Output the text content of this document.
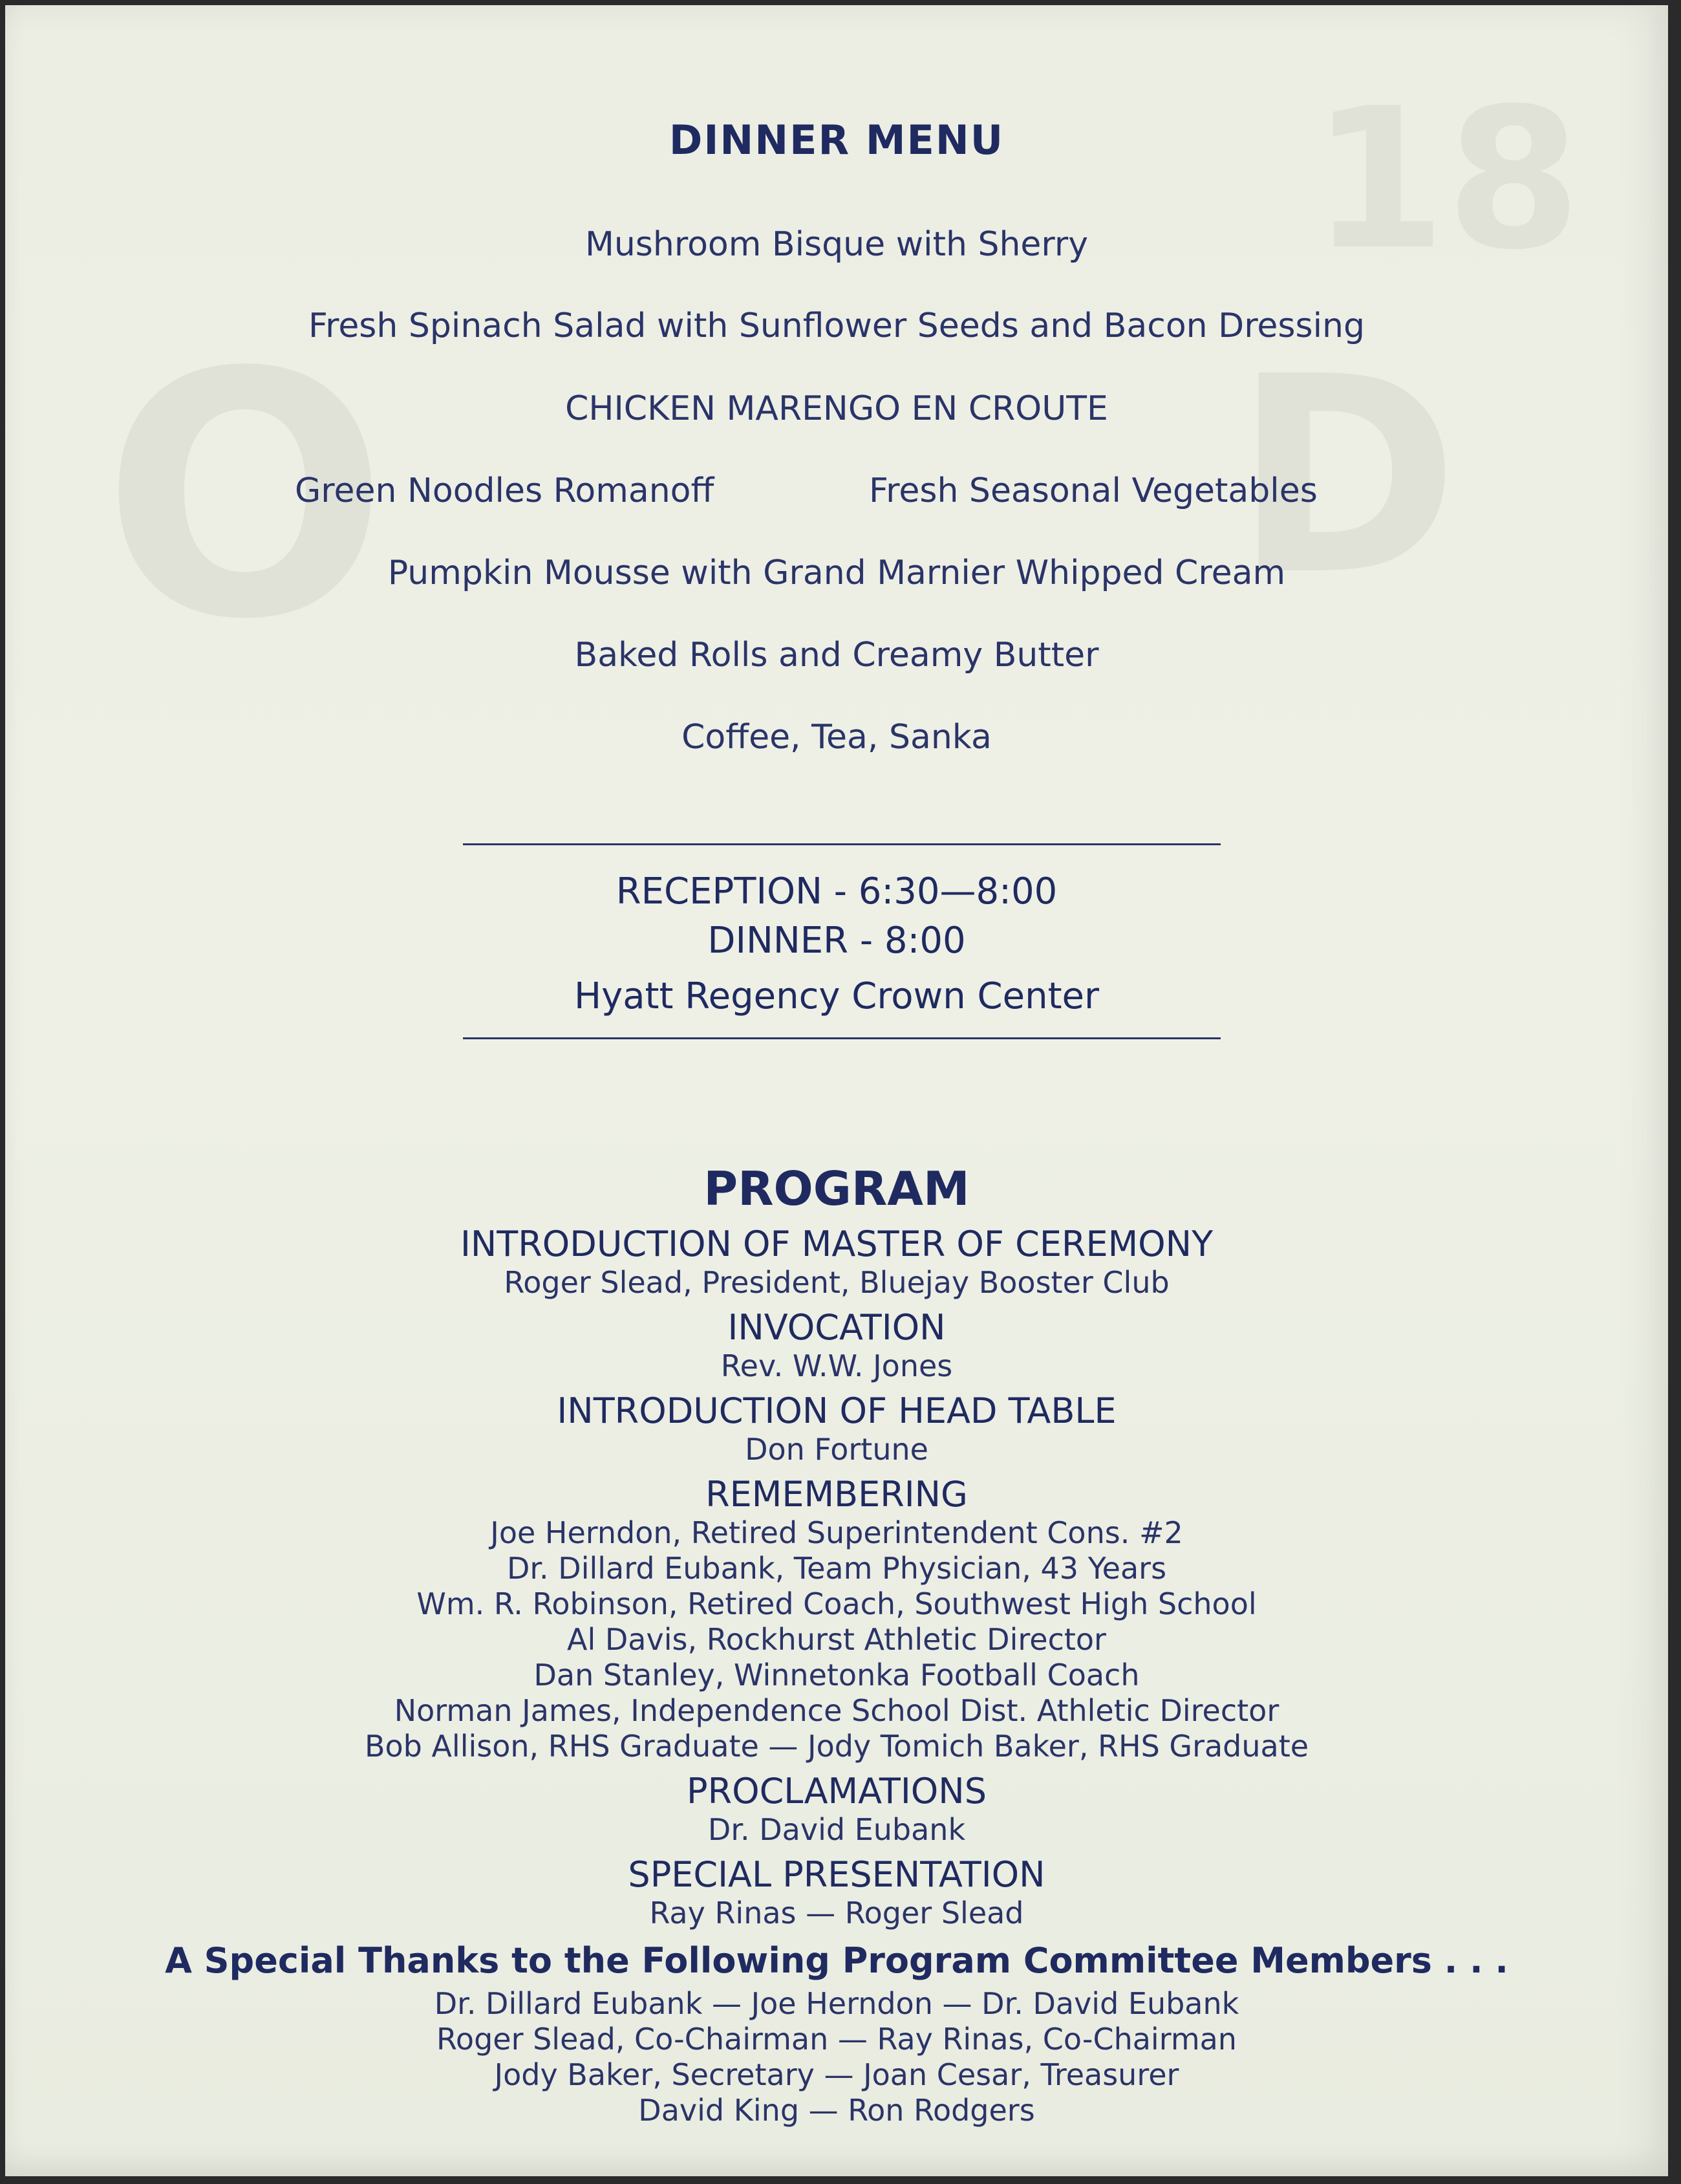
18
D
O
DINNER MENU
Mushroom Bisque with Sherry
Fresh Spinach Salad with Sunflower Seeds and Bacon Dressing
CHICKEN MARENGO EN CROUTE
Green Noodles Romanoff	Fresh Seasonal Vegetables
Pumpkin Mousse with Grand Marnier Whipped Cream
Baked Rolls and Creamy Butter
Coffee, Tea, Sanka
RECEPTION - 6:30—8:00
DINNER - 8:00
Hyatt Regency Crown Center
PROGRAM
INTRODUCTION OF MASTER OF CEREMONY
Roger Slead, President, Bluejay Booster Club
INVOCATION
Rev. W.W. Jones
INTRODUCTION OF HEAD TABLE
Don Fortune
REMEMBERING
Joe Herndon, Retired Superintendent Cons. #2
Dr. Dillard Eubank, Team Physician, 43 Years
Wm. R. Robinson, Retired Coach, Southwest High School
Al Davis, Rockhurst Athletic Director
Dan Stanley, Winnetonka Football Coach
Norman James, Independence School Dist. Athletic Director
Bob Allison, RHS Graduate — Jody Tomich Baker, RHS Graduate
PROCLAMATIONS
Dr. David Eubank
SPECIAL PRESENTATION
Ray Rinas — Roger Slead
A Special Thanks to the Following Program Committee Members . . .
Dr. Dillard Eubank — Joe Herndon — Dr. David Eubank
Roger Slead, Co-Chairman — Ray Rinas, Co-Chairman
Jody Baker, Secretary — Joan Cesar, Treasurer
David King — Ron Rodgers
